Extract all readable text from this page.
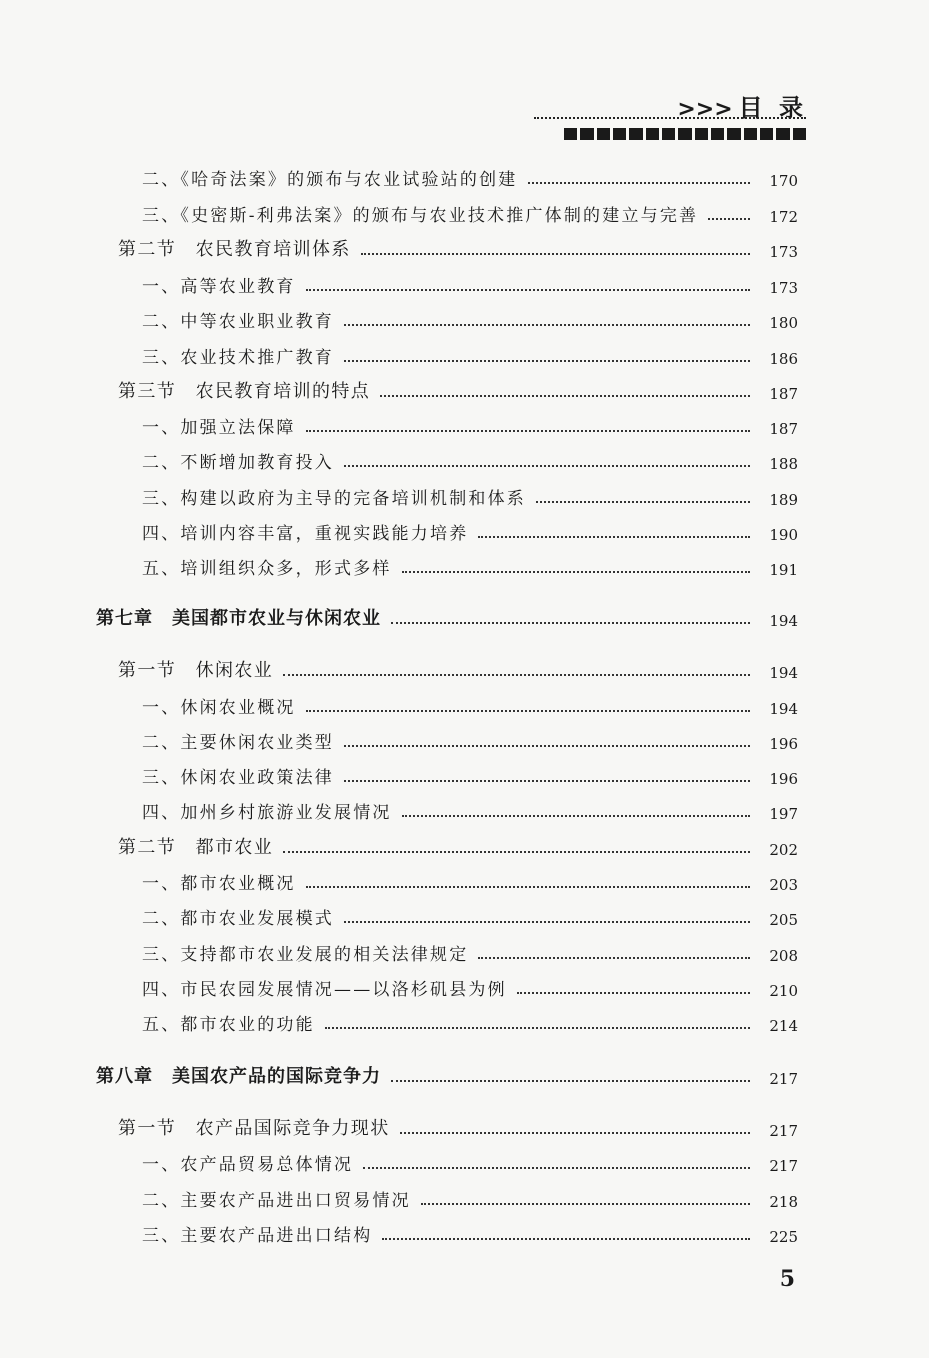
>>> 目 录
二、《哈奇法案》的颁布与农业试验站的创建	170
三、《史密斯-利弗法案》的颁布与农业技术推广体制的建立与完善	172
第二节　农民教育培训体系	173
一、高等农业教育	173
二、中等农业职业教育	180
三、农业技术推广教育	186
第三节　农民教育培训的特点	187
一、加强立法保障	187
二、不断增加教育投入	188
三、构建以政府为主导的完备培训机制和体系	189
四、培训内容丰富，重视实践能力培养	190
五、培训组织众多，形式多样	191
第七章　美国都市农业与休闲农业	194
第一节　休闲农业	194
一、休闲农业概况	194
二、主要休闲农业类型	196
三、休闲农业政策法律	196
四、加州乡村旅游业发展情况	197
第二节　都市农业	202
一、都市农业概况	203
二、都市农业发展模式	205
三、支持都市农业发展的相关法律规定	208
四、市民农园发展情况——以洛杉矶县为例	210
五、都市农业的功能	214
第八章　美国农产品的国际竞争力	217
第一节　农产品国际竞争力现状	217
一、农产品贸易总体情况	217
二、主要农产品进出口贸易情况	218
三、主要农产品进出口结构	225
5
